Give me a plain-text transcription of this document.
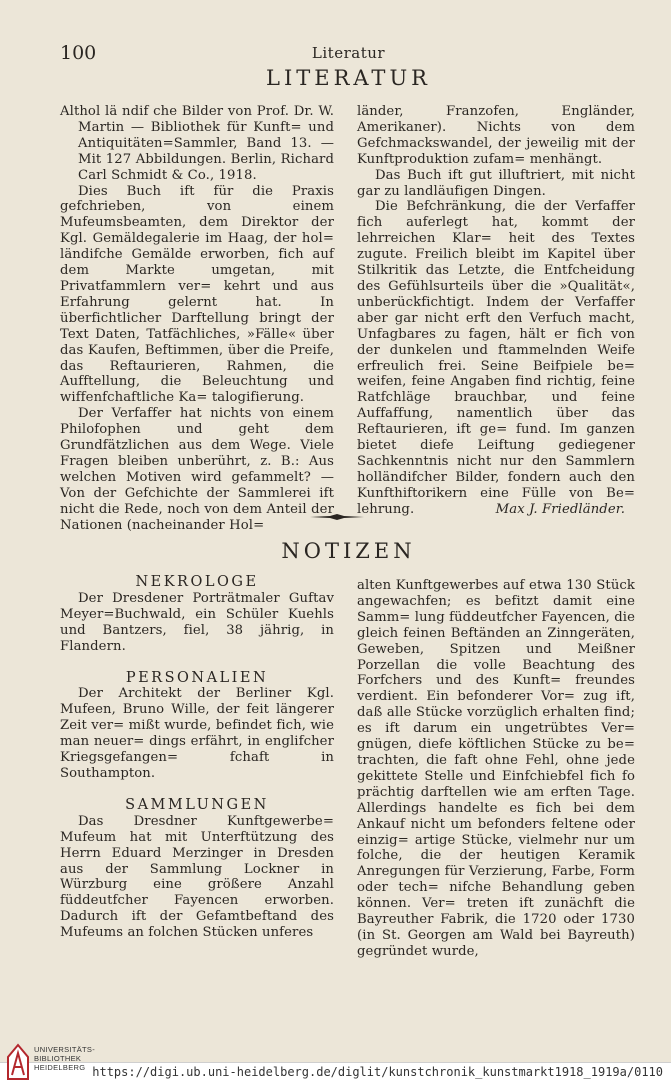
100	Literatur
LITERATUR

Althol lä ndif che Bilder von Prof. Dr. W. Martin — Bibliothek für Kunft= und Antiquitäten=Sammler, Band 13. — Mit 127 Abbildungen. Berlin, Richard Carl Schmidt & Co., 1918.

Dies Buch ift für die Praxis gefchrieben, von einem Mufeumsbeamten, dem Direktor der Kgl. Gemäldegalerie im Haag, der hol= ländifche Gemälde erworben, fich auf dem Markte umgetan, mit Privatfammlern ver= kehrt und aus Erfahrung gelernt hat. In überfichtlicher Darftellung bringt der Text Daten, Tatfächliches, »Fälle« über das Kaufen, Beftimmen, über die Preife, das Reftaurieren, Rahmen, die Aufftellung, die Beleuchtung und wiffenfchaftliche Ka= talogifierung.

Der Verfaffer hat nichts von einem Philofophen und geht dem Grundfätzlichen aus dem Wege. Viele Fragen bleiben unberührt, z. B.: Aus welchen Motiven wird gefammelt? — Von der Gefchichte der Sammlerei ift nicht die Rede, noch von dem Anteil der Nationen (nacheinander Hol=

länder, Franzofen, Engländer, Amerikaner). Nichts von dem Gefchmackswandel, der jeweilig mit der Kunftproduktion zufam= menhängt.

Das Buch ift gut illuftriert, mit nicht gar zu landläufigen Dingen.

Die Befchränkung, die der Verfaffer fich auferlegt hat, kommt der lehrreichen Klar= heit des Textes zugute. Freilich bleibt im Kapitel über Stilkritik das Letzte, die Entfcheidung des Gefühlsurteils über die »Qualität«, unberückfichtigt. Indem der Verfaffer aber gar nicht erft den Verfuch macht, Unfagbares zu fagen, hält er fich von der dunkelen und ftammelnden Weife erfreulich frei. Seine Beifpiele be= weifen, feine Angaben find richtig, feine Ratfchläge brauchbar, und feine Auffaffung, namentlich über das Reftaurieren, ift ge= fund. Im ganzen bietet diefe Leiftung gediegener Sachkenntnis nicht nur den Sammlern holländifcher Bilder, fondern auch den Kunfthiftorikern eine Fülle von Be= lehrung.	Max J. Friedländer.

NOTIZEN

NEKROLOGE

Der Dresdener Porträtmaler Guftav Meyer=Buchwald, ein Schüler Kuehls und Bantzers, fiel, 38 jährig, in Flandern.

PERSONALIEN

Der Architekt der Berliner Kgl. Mufeen, Bruno Wille, der feit längerer Zeit ver= mißt wurde, befindet fich, wie man neuer= dings erfährt, in englifcher Kriegsgefangen= fchaft in Southampton.

SAMMLUNGEN

Das Dresdner Kunftgewerbe= Mufeum hat mit Unterftützung des Herrn Eduard Merzinger in Dresden aus der Sammlung Lockner in Würzburg eine größere Anzahl füddeutfcher Fayencen erworben. Dadurch ift der Gefamtbeftand des Mufeums an folchen Stücken unferes

alten Kunftgewerbes auf etwa 130 Stück angewachfen; es befitzt damit eine Samm= lung füddeutfcher Fayencen, die gleich feinen Beftänden an Zinngeräten, Geweben, Spitzen und Meißner Porzellan die volle Beachtung des Forfchers und des Kunft= freundes verdient. Ein befonderer Vor= zug ift, daß alle Stücke vorzüglich erhalten find; es ift darum ein ungetrübtes Ver= gnügen, diefe köftlichen Stücke zu be= trachten, die faft ohne Fehl, ohne jede gekittete Stelle und Einfchiebfel fich fo prächtig darftellen wie am erften Tage. Allerdings handelte es fich bei dem Ankauf nicht um befonders feltene oder einzig= artige Stücke, vielmehr nur um folche, die der heutigen Keramik Anregungen für Verzierung, Farbe, Form oder tech= nifche Behandlung geben können. Ver= treten ift zunächft die Bayreuther Fabrik, die 1720 oder 1730 (in St. Georgen am Wald bei Bayreuth) gegründet wurde,

UNIVERSITÄTS-
BIBLIOTHEK
HEIDELBERG https://digi.ub.uni-heidelberg.de/diglit/kunstchronik_kunstmarkt1918_1919a/0110
